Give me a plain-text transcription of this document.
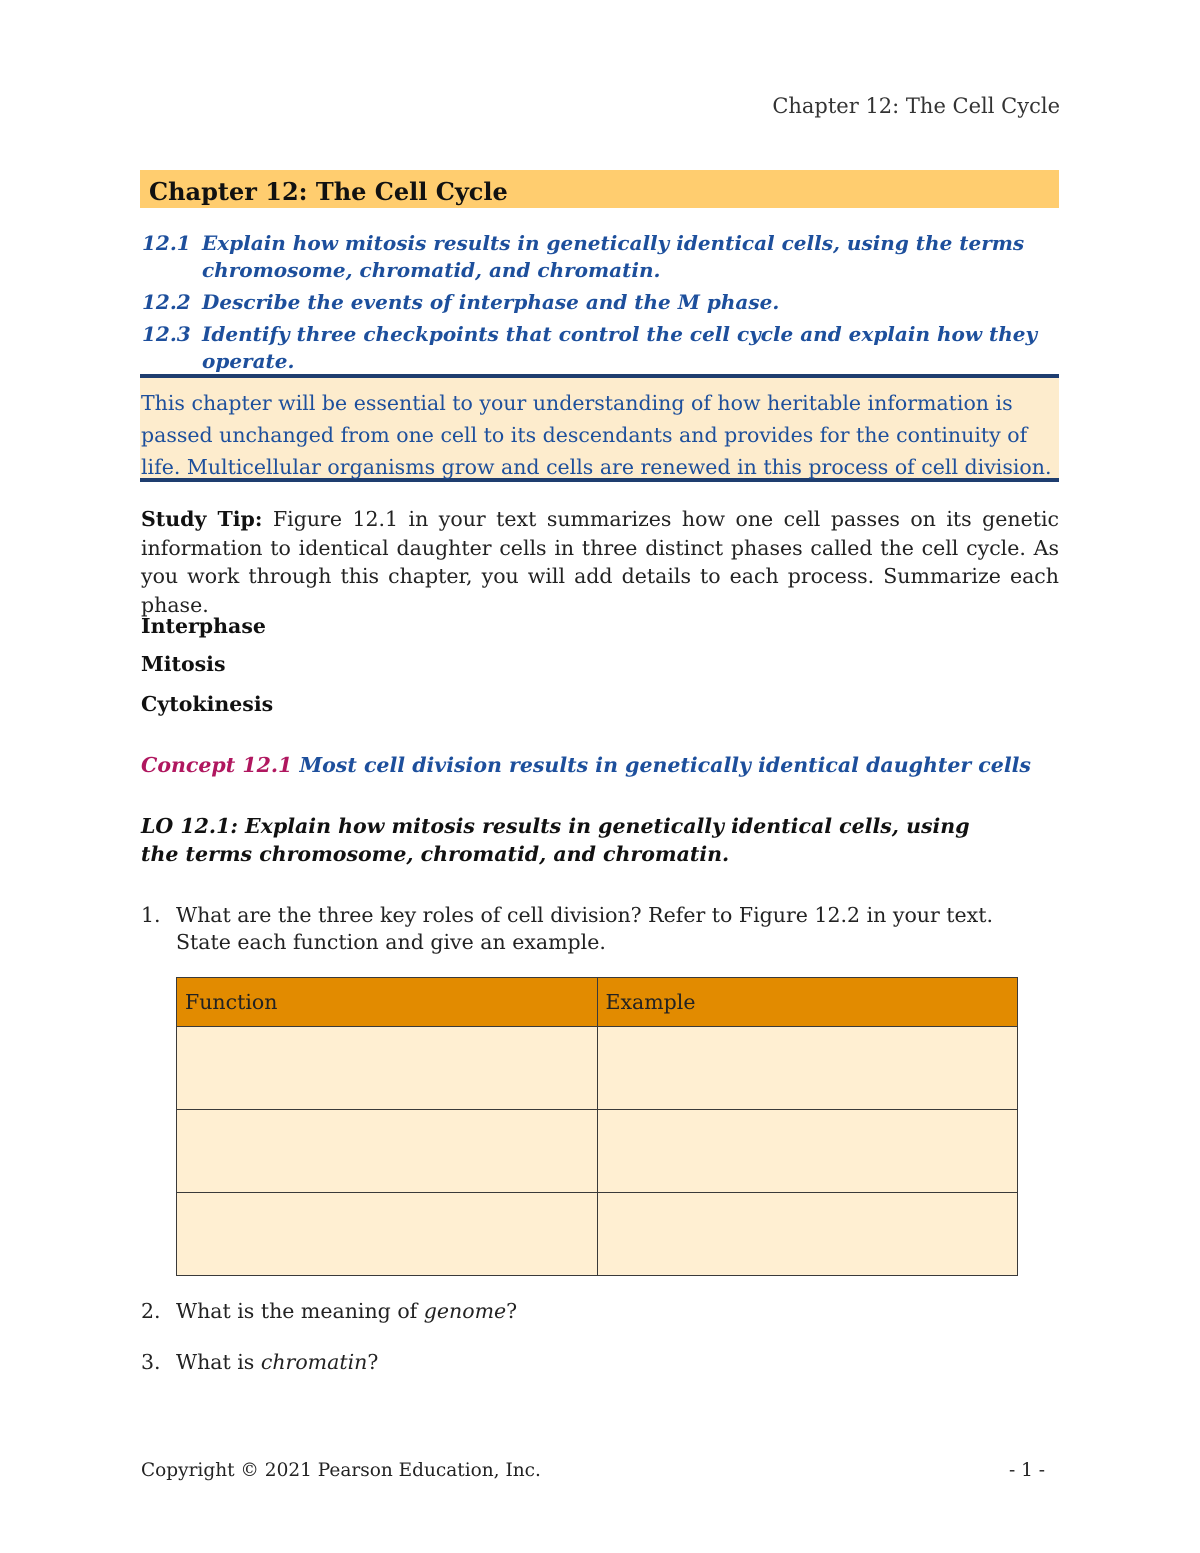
Chapter 12: The Cell Cycle
Chapter 12: The Cell Cycle
12.1 Explain how mitosis results in genetically identical cells, using the terms chromosome, chromatid, and chromatin.
12.2 Describe the events of interphase and the M phase.
12.3 Identify three checkpoints that control the cell cycle and explain how they operate.
This chapter will be essential to your understanding of how heritable information is passed unchanged from one cell to its descendants and provides for the continuity of life. Multicellular organisms grow and cells are renewed in this process of cell division.
Study Tip: Figure 12.1 in your text summarizes how one cell passes on its genetic information to identical daughter cells in three distinct phases called the cell cycle. As you work through this chapter, you will add details to each process. Summarize each phase.
Interphase
Mitosis
Cytokinesis
Concept 12.1 Most cell division results in genetically identical daughter cells
LO 12.1: Explain how mitosis results in genetically identical cells, using the terms chromosome, chromatid, and chromatin.
1. What are the three key roles of cell division? Refer to Figure 12.2 in your text. State each function and give an example.
Function	Example

2. What is the meaning of genome?
3. What is chromatin?
Copyright © 2021 Pearson Education, Inc.	- 1 -
